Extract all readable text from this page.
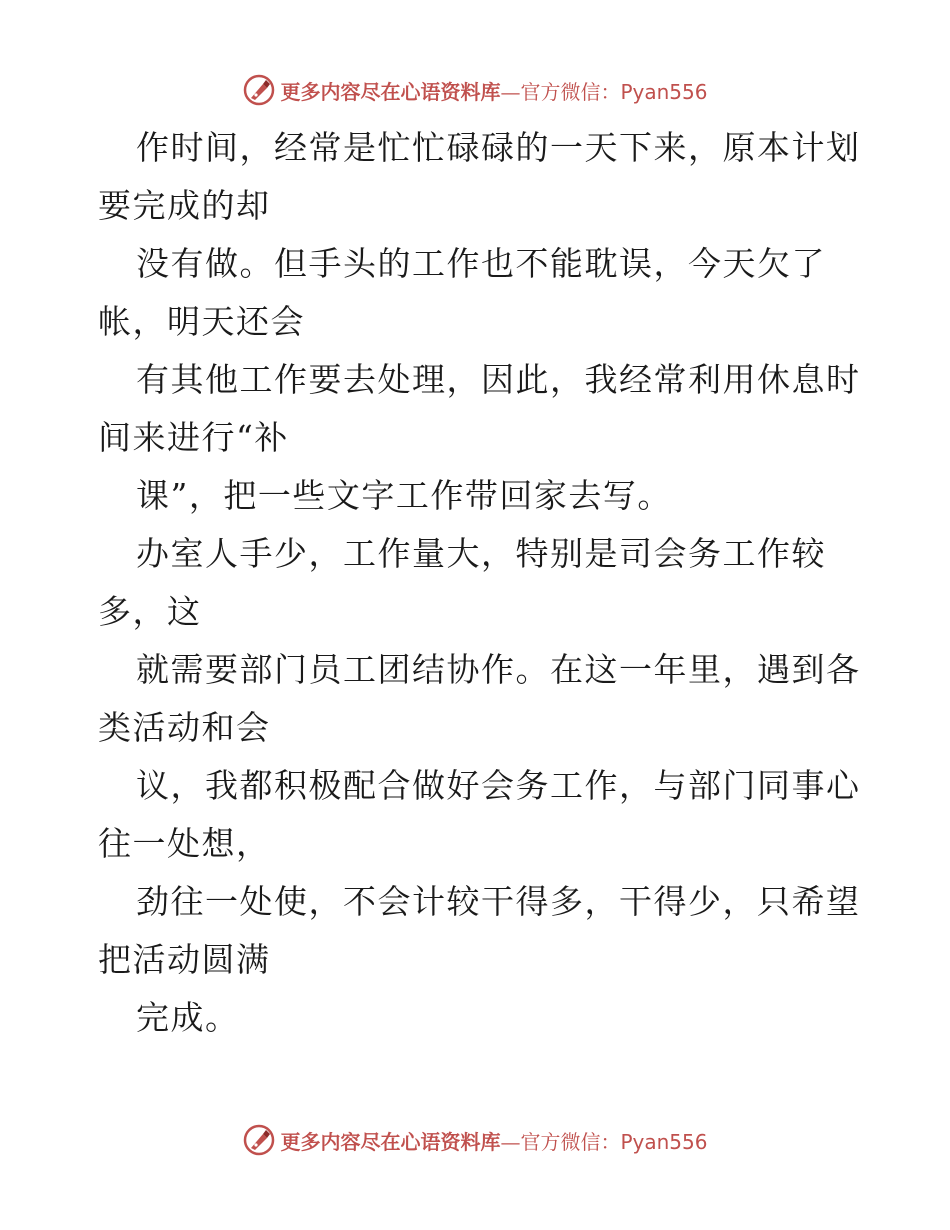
更多内容尽在心语资料库—官方微信：Pyan556

作时间，经常是忙忙碌碌的一天下来，原本计划
要完成的却

没有做。但手头的工作也不能耽误，今天欠了
帐，明天还会

有其他工作要去处理，因此，我经常利用休息时
间来进行“补

课”，把一些文字工作带回家去写。

办室人手少，工作量大，特别是司会务工作较
多，这

就需要部门员工团结协作。在这一年里，遇到各
类活动和会

议，我都积极配合做好会务工作，与部门同事心
往一处想，

劲往一处使，不会计较干得多，干得少，只希望
把活动圆满

完成。

更多内容尽在心语资料库—官方微信：Pyan556
